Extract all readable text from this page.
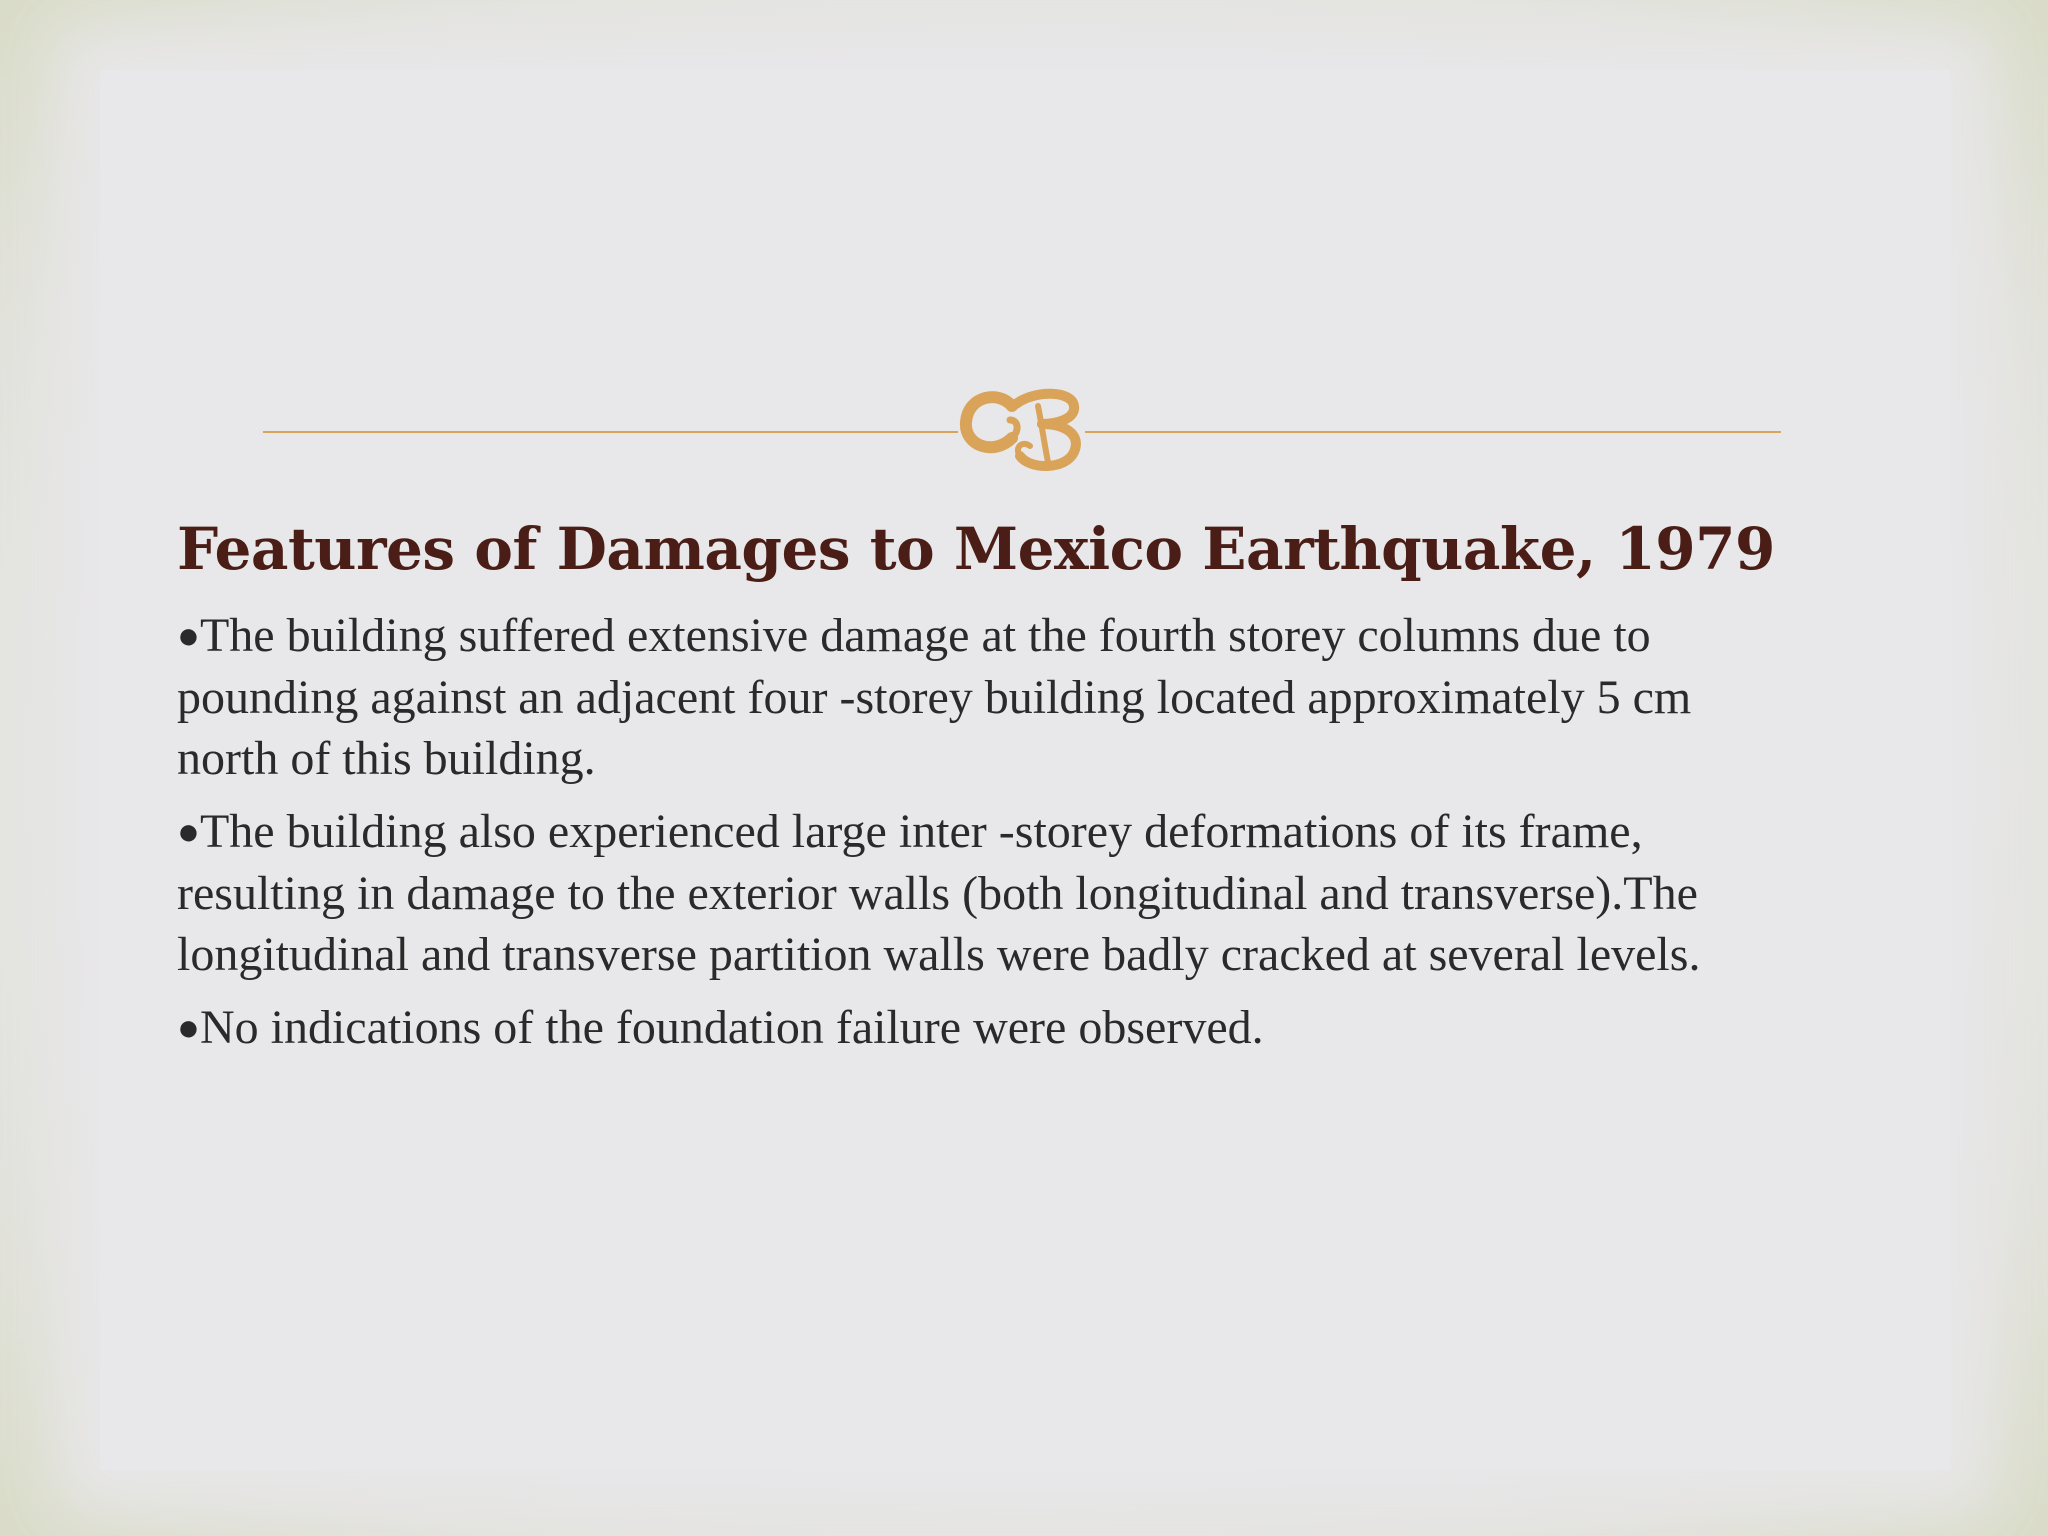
Features of Damages to Mexico Earthquake, 1979
●The building suffered extensive damage at the fourth storey columns due to pounding against an adjacent four -storey building located approximately 5 cm north of this building.
●The building also experienced large inter -storey deformations of its frame, resulting in damage to the exterior walls (both longitudinal and transverse).The longitudinal and transverse partition walls were badly cracked at several levels.
●No indications of the foundation failure were observed.
